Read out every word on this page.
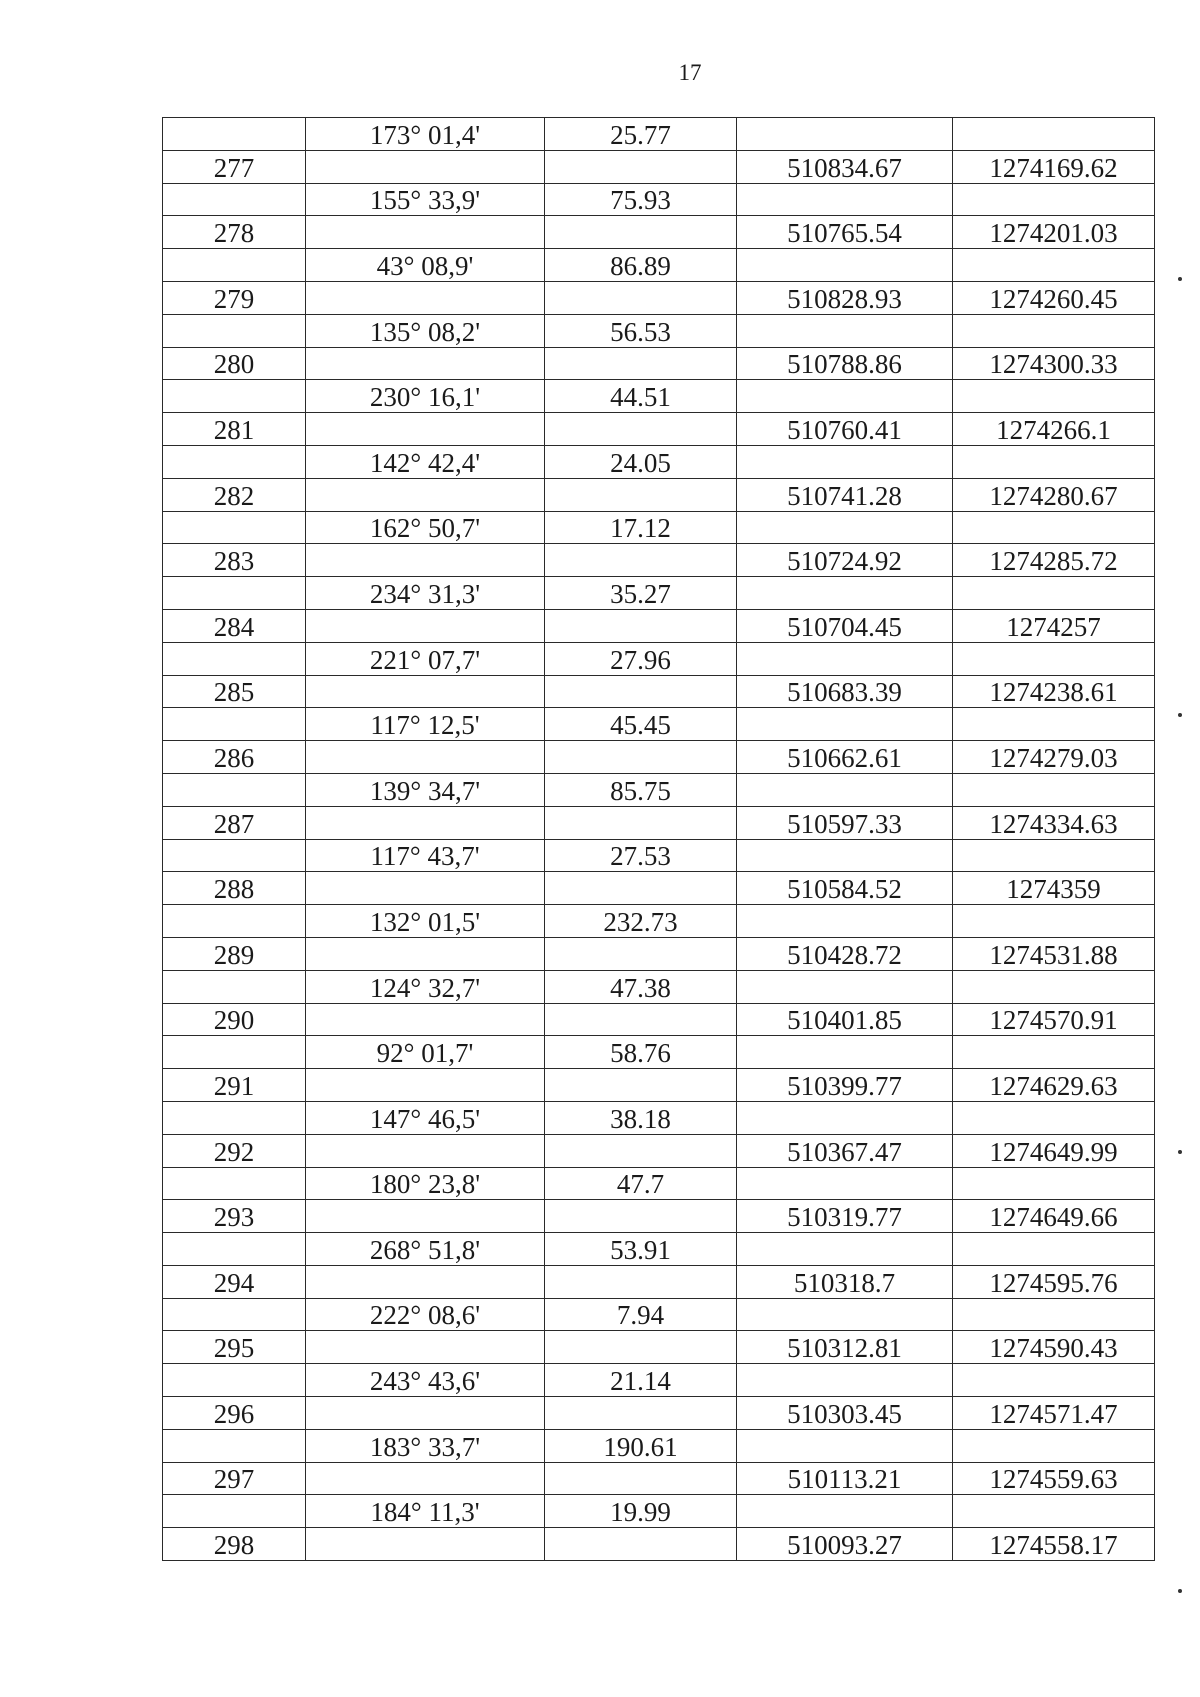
17
	173° 01,4'	25.77		
277			510834.67	1274169.62
	155° 33,9'	75.93		
278			510765.54	1274201.03
	43° 08,9'	86.89		
279			510828.93	1274260.45
	135° 08,2'	56.53		
280			510788.86	1274300.33
	230° 16,1'	44.51		
281			510760.41	1274266.1
	142° 42,4'	24.05		
282			510741.28	1274280.67
	162° 50,7'	17.12		
283			510724.92	1274285.72
	234° 31,3'	35.27		
284			510704.45	1274257
	221° 07,7'	27.96		
285			510683.39	1274238.61
	117° 12,5'	45.45		
286			510662.61	1274279.03
	139° 34,7'	85.75		
287			510597.33	1274334.63
	117° 43,7'	27.53		
288			510584.52	1274359
	132° 01,5'	232.73		
289			510428.72	1274531.88
	124° 32,7'	47.38		
290			510401.85	1274570.91
	92° 01,7'	58.76		
291			510399.77	1274629.63
	147° 46,5'	38.18		
292			510367.47	1274649.99
	180° 23,8'	47.7		
293			510319.77	1274649.66
	268° 51,8'	53.91		
294			510318.7	1274595.76
	222° 08,6'	7.94		
295			510312.81	1274590.43
	243° 43,6'	21.14		
296			510303.45	1274571.47
	183° 33,7'	190.61		
297			510113.21	1274559.63
	184° 11,3'	19.99		
298			510093.27	1274558.17
